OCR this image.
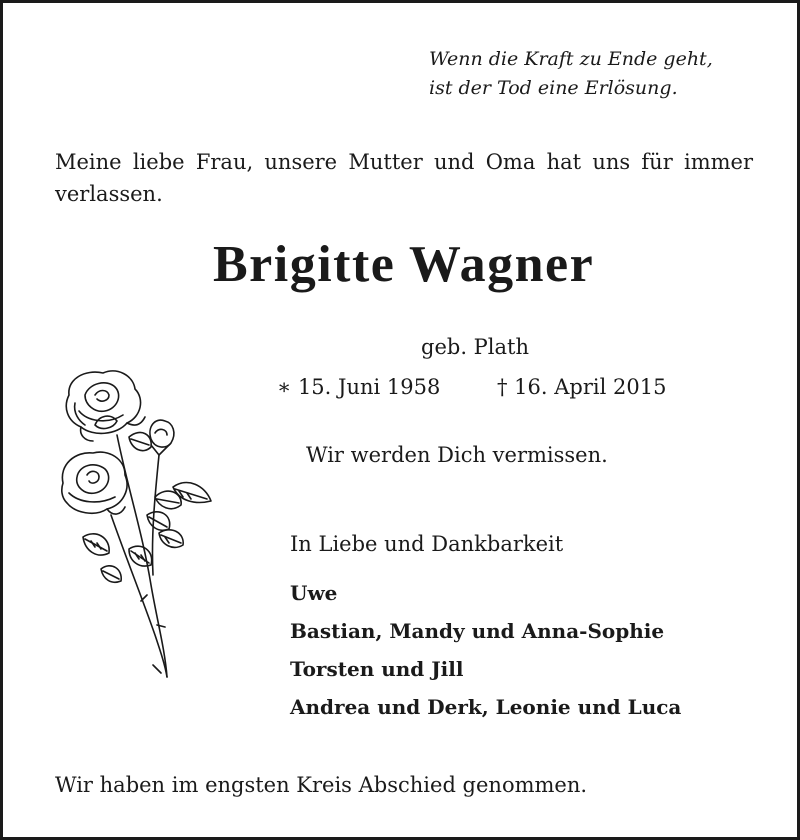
Wenn die Kraft zu Ende geht,
ist der Tod eine Erlösung.
Meine liebe Frau, unsere Mutter und Oma hat uns für immer verlassen.
Brigitte Wagner
geb. Plath
∗ 15. Juni 1958	† 16. April 2015
Wir werden Dich vermissen.
In Liebe und Dankbarkeit
Uwe
Bastian, Mandy und Anna-Sophie
Torsten und Jill
Andrea und Derk, Leonie und Luca
Wir haben im engsten Kreis Abschied genommen.
